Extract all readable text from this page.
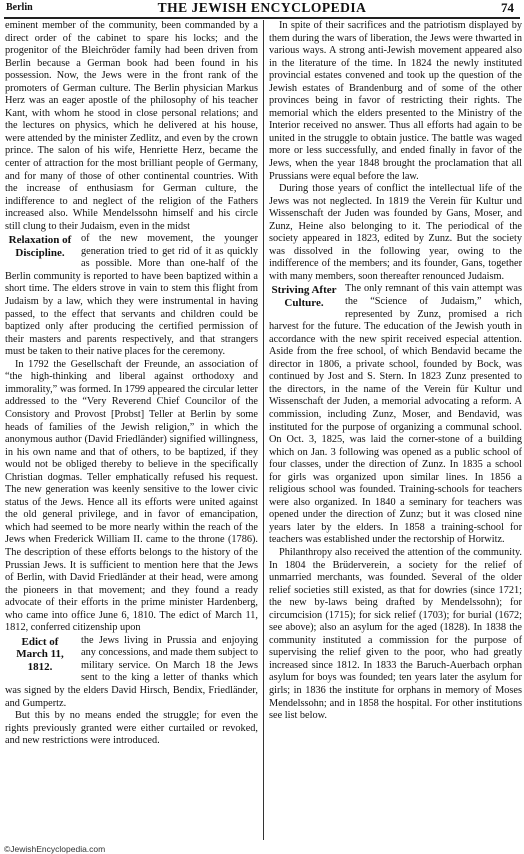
Berlin	THE JEWISH ENCYCLOPEDIA	74

eminent member of the community, been commanded by a direct order of the cabinet to spare his locks; and the progenitor of the Bleichröder family had been driven from Berlin because a German book had been found in his possession. Now, the Jews were in the front rank of the promoters of German culture. The Berlin physician Markus Herz was an eager apostle of the philosophy of his teacher Kant, with whom he stood in close personal relations; and the lectures on physics, which he delivered at his house, were attended by the minister Zedlitz, and even by the crown prince. The salon of his wife, Henriette Herz, became the center of attraction for the most brilliant people of Germany, and for many of those of other continental countries. With the increase of enthusiasm for German culture, the indifference to and neglect of the religion of the Fathers increased also. While Mendelssohn himself and his circle still clung to their Judaism, even in the midst

Relaxation of Discipline.
of the new movement, the younger generation tried to get rid of it as quickly as possible. More than one-half of the Berlin community is reported to have been baptized within a short time. The elders strove in vain to stem this flight from Judaism by a law, which they were instrumental in having passed, to the effect that servants and children could be baptized only after producing the certified permission of their masters and parents respectively, and that strangers must be taken to their native places for the ceremony.

In 1792 the Gesellschaft der Freunde, an association of “the high-thinking and liberal against orthodoxy and immorality,” was formed. In 1799 appeared the circular letter addressed to the “Very Reverend Chief Councilor of the Consistory and Provost [Probst] Teller at Berlin by some heads of families of the Jewish religion,” in which the anonymous author (David Friedländer) signified willingness, in his own name and that of others, to be baptized, if they would not be obliged thereby to believe in the specifically Christian dogmas. Teller emphatically refused his request. The new generation was keenly sensitive to the lower civic status of the Jews. Hence all its efforts were united against the old general privilege, and in favor of emancipation, which had seemed to be more nearly within the reach of the Jews when Frederick William II. came to the throne (1786). The description of these efforts belongs to the history of the Prussian Jews. It is sufficient to mention here that the Jews of Berlin, with David Friedländer at their head, were among the pioneers in that movement; and they found a ready advocate of their efforts in the prime minister Hardenberg, who came into office June 6, 1810. The edict of March 11, 1812, conferred citizenship upon

Edict of March 11, 1812.
the Jews living in Prussia and enjoying any concessions, and made them subject to military service. On March 18 the Jews sent to the king a letter of thanks which was signed by the elders David Hirsch, Bendix, Friedländer, and Gumpertz.

But this by no means ended the struggle; for even the rights previously granted were either curtailed or revoked, and new restrictions were introduced.

In spite of their sacrifices and the patriotism displayed by them during the wars of liberation, the Jews were thwarted in various ways. A strong anti-Jewish movement appeared also in the literature of the time. In 1824 the newly instituted provincial estates convened and took up the question of the Jewish estates of Brandenburg and of some of the other provinces being in favor of restricting their rights. The memorial which the elders presented to the Ministry of the Interior received no answer. Thus all efforts had again to be united in the struggle to obtain justice. The battle was waged more or less successfully, and ended finally in favor of the Jews, when the year 1848 brought the proclamation that all Prussians were equal before the law.

During those years of conflict the intellectual life of the Jews was not neglected. In 1819 the Verein für Kultur und Wissenschaft der Juden was founded by Gans, Moser, and Zunz, Heine also belonging to it. The periodical of the society appeared in 1823, edited by Zunz. But the society was dissolved in the following year, owing to the indifference of the members; and its founder, Gans, together with many members, soon thereafter renounced Judaism.

Striving After Culture.
The only remnant of this vain attempt was the “Science of Judaism,” which, represented by Zunz, promised a rich harvest for the future. The education of the Jewish youth in accordance with the new spirit received especial attention. Aside from the free school, of which Bendavid became the director in 1806, a private school, founded by Bock, was continued by Jost and S. Stern. In 1823 Zunz presented to the directors, in the name of the Verein für Kultur und Wissenschaft der Juden, a memorial advocating a reform. A commission, including Zunz, Moser, and Bendavid, was instituted for the purpose of organizing a communal school. On Oct. 3, 1825, was laid the corner-stone of a building which on Jan. 3 following was opened as a public school of four classes, under the direction of Zunz. In 1835 a school for girls was organized upon similar lines. In 1856 a religious school was founded. Training-schools for teachers were also organized. In 1840 a seminary for teachers was opened under the direction of Zunz; but it was closed nine years later by the elders. In 1858 a training-school for teachers was established under the rectorship of Horwitz.

Philanthropy also received the attention of the community. In 1804 the Brüderverein, a society for the relief of unmarried merchants, was founded. Several of the older relief societies still existed, as that for dowries (since 1721; the new by-laws being drafted by Mendelssohn); for circumcision (1715); for sick relief (1703); for burial (1672; see above); also an asylum for the aged (1828). In 1838 the community instituted a commission for the purpose of supervising the relief given to the poor, who had greatly increased since 1812. In 1833 the Baruch-Auerbach orphan asylum for boys was founded; ten years later the asylum for girls; in 1836 the institute for orphans in memory of Moses Mendelssohn; and in 1858 the hospital. For other institutions see list below.

©JewishEncyclopedia.com
